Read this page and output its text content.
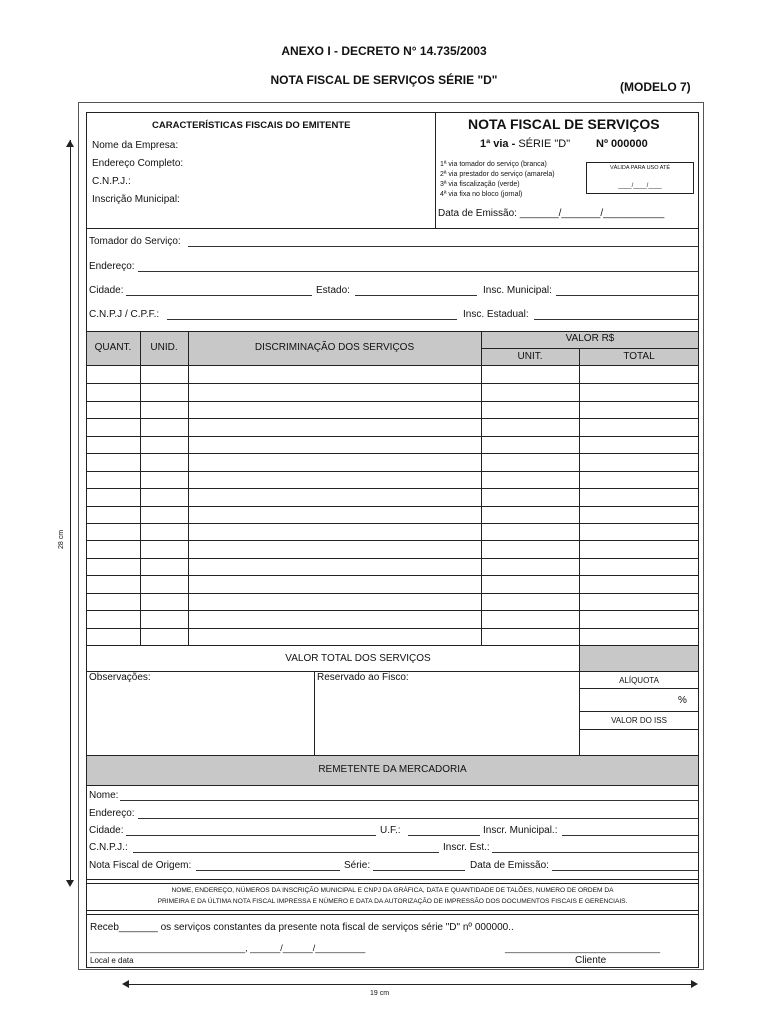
ANEXO I - DECRETO N° 14.735/2003
NOTA FISCAL DE SERVIÇOS SÉRIE "D"	(MODELO 7)
28 cm
19 cm
CARACTERÍSTICAS FISCAIS DO EMITENTE
Nome da Empresa:
Endereço Completo:
C.N.P.J.:
Inscrição Municipal:
NOTA FISCAL DE SERVIÇOS
1ª via - SÉRIE "D" Nº 000000
1ª via tomador do serviço (branca)
2ª via prestador do serviço (amarela)
3ª via fiscalização (verde)
4ª via fixa no bloco (jornal)
VÁLIDA PARA USO ATÉ
____/____/____
Data de Emissão: _______/_______/___________
Tomador do Serviço:
Endereço:
Cidade:	Estado:	Insc. Municipal:
C.N.P.J / C.P.F.:	Insc. Estadual:
QUANT.	UNID.	DISCRIMINAÇÃO DOS SERVIÇOS
VALOR R$
UNIT.	TOTAL
VALOR TOTAL DOS SERVIÇOS
Observações:	Reservado ao Fisco:	ALÍQUOTA
%
VALOR DO ISS
REMETENTE DA MERCADORIA
Nome:
Endereço:
Cidade:	U.F.:	Inscr. Municipal.:
C.N.P.J.:	Inscr. Est.:
Nota Fiscal de Origem:	Série:	Data de Emissão:
NOME, ENDEREÇO, NÚMEROS DA INSCRIÇÃO MUNICIPAL E CNPJ DA GRÁFICA, DATA E QUANTIDADE DE TALÕES, NUMERO DE ORDEM DA
PRIMEIRA E DA ÚLTIMA NOTA FISCAL IMPRESSA E NÚMERO E DATA DA AUTORIZAÇÃO DE IMPRESSÃO DOS DOCUMENTOS FISCAIS E GERENCIAIS.
Receb_______ os serviços constantes da presente nota fiscal de serviços série "D" nº 000000..
_______________________________, ______/______/__________	_______________________________
Local e data	Cliente
